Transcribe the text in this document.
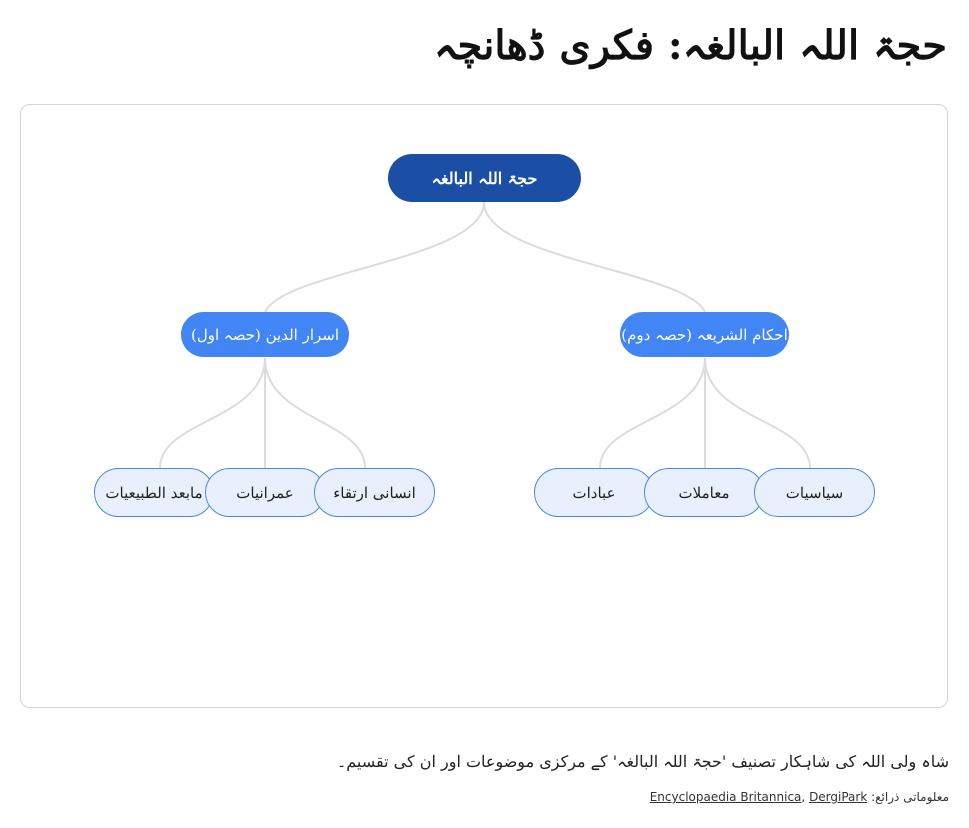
حجۃ اللہ البالغہ: فکری ڈھانچہ
حجۃ اللہ البالغہ
اسرار الدین (حصہ اول)	احکام الشریعہ (حصہ دوم)
مابعد الطبیعیات	عمرانیات	انسانی ارتقاء	عبادات	معاملات	سیاسیات
شاہ ولی اللہ کی شاہکار تصنیف 'حجۃ اللہ البالغہ' کے مرکزی موضوعات اور ان کی تقسیم۔
معلوماتی ذرائع: Encyclopaedia Britannica, DergiPark
